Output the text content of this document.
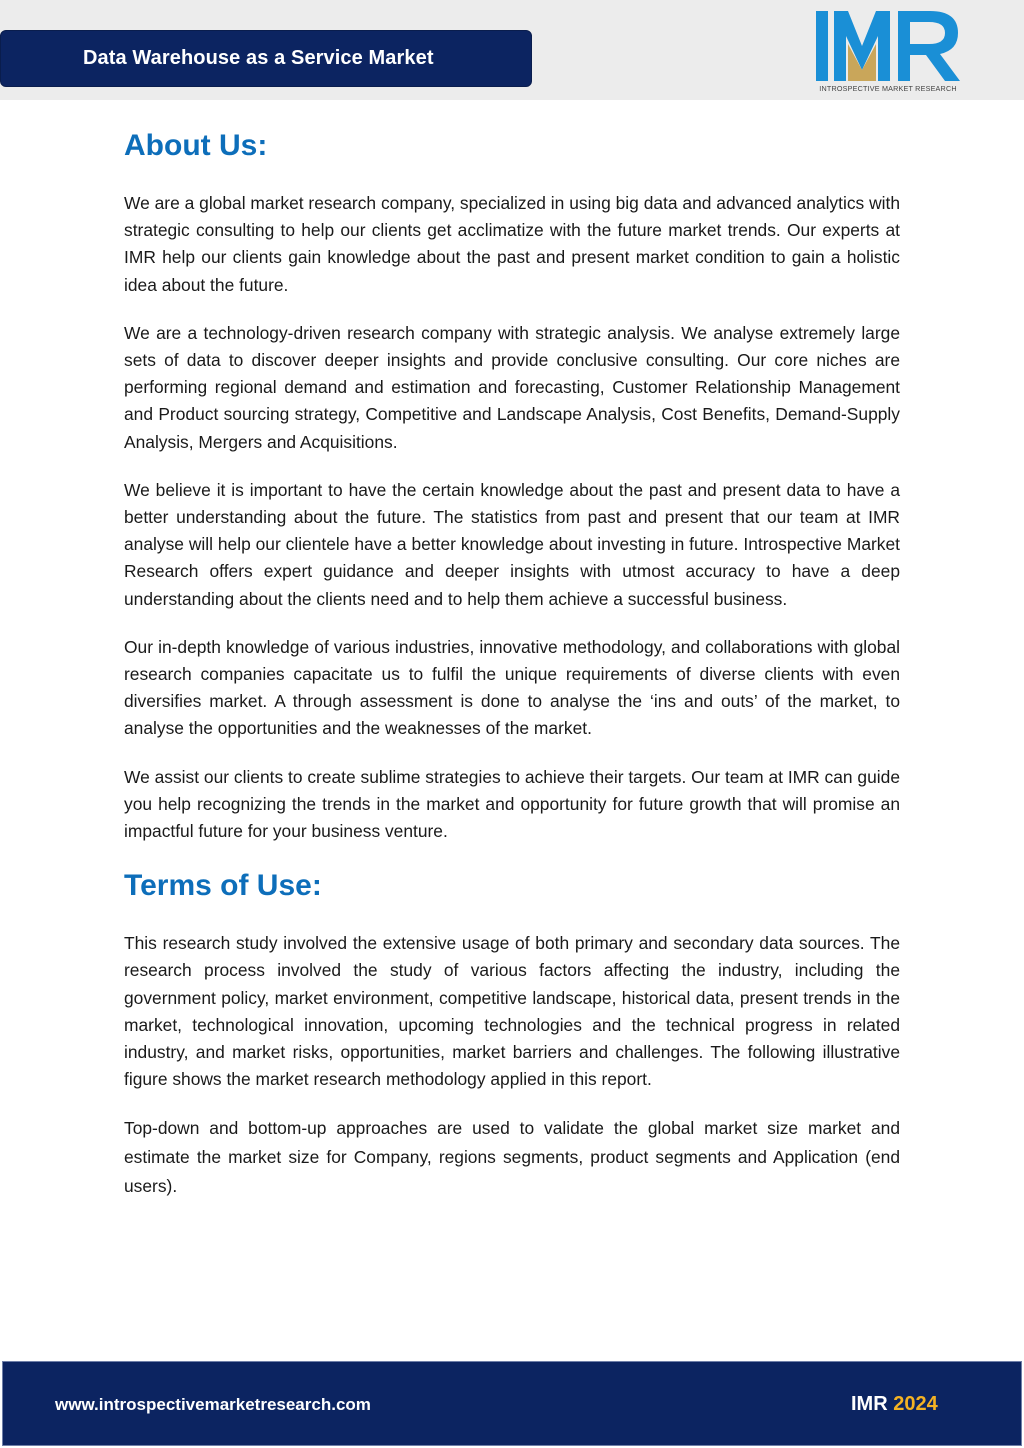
Data Warehouse as a Service Market
INTROSPECTIVE MARKET RESEARCH
About Us:

We are a global market research company, specialized in using big data and advanced analytics with strategic consulting to help our clients get acclimatize with the future market trends. Our experts at IMR help our clients gain knowledge about the past and present market condition to gain a holistic idea about the future.

We are a technology-driven research company with strategic analysis. We analyse extremely large sets of data to discover deeper insights and provide conclusive consulting. Our core niches are performing regional demand and estimation and forecasting, Customer Relationship Management and Product sourcing strategy, Competitive and Landscape Analysis, Cost Benefits, Demand-Supply Analysis, Mergers and Acquisitions.

We believe it is important to have the certain knowledge about the past and present data to have a better understanding about the future. The statistics from past and present that our team at IMR analyse will help our clientele have a better knowledge about investing in future. Introspective Market Research offers expert guidance and deeper insights with utmost accuracy to have a deep understanding about the clients need and to help them achieve a successful business.

Our in-depth knowledge of various industries, innovative methodology, and collaborations with global research companies capacitate us to fulfil the unique requirements of diverse clients with even diversifies market. A through assessment is done to analyse the ‘ins and outs’ of the market, to analyse the opportunities and the weaknesses of the market.

We assist our clients to create sublime strategies to achieve their targets. Our team at IMR can guide you help recognizing the trends in the market and opportunity for future growth that will promise an impactful future for your business venture.

Terms of Use:

This research study involved the extensive usage of both primary and secondary data sources. The research process involved the study of various factors affecting the industry, including the government policy, market environment, competitive landscape, historical data, present trends in the market, technological innovation, upcoming technologies and the technical progress in related industry, and market risks, opportunities, market barriers and challenges. The following illustrative figure shows the market research methodology applied in this report.

Top-down and bottom-up approaches are used to validate the global market size market and estimate the market size for Company, regions segments, product segments and Application (end users).

www.introspectivemarketresearch.com	IMR 2024
